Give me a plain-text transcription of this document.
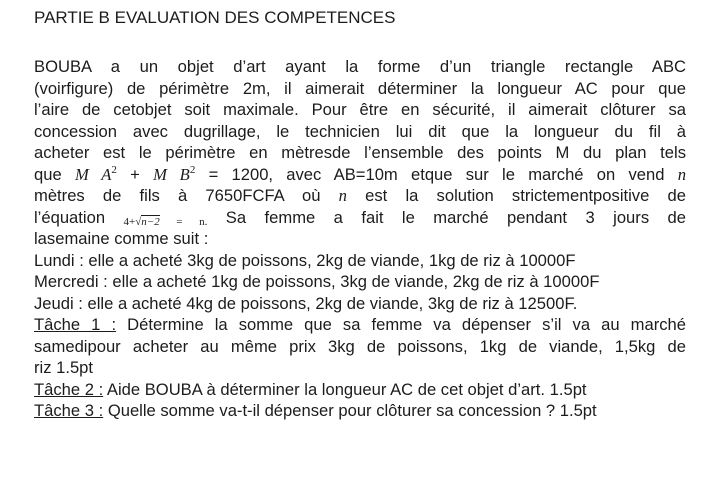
PARTIE B EVALUATION DES COMPETENCES
BOUBA a un objet d’art ayant la forme d’un triangle rectangle ABC
(voirfigure) de périmètre 2m, il aimerait déterminer la longueur AC pour que
l’aire de cetobjet soit maximale. Pour être en sécurité, il aimerait clôturer sa
concession avec dugrillage, le technicien lui dit que la longueur du fil à
acheter est le périmètre en mètresde l’ensemble des points M du plan tels
que M $A^2 + M$ $B^2 = 1200$, avec AB=10m etque sur le marché on vend n
mètres de fils à 7650FCFA où n est la solution strictementpositive de
l’équation 4+√n−2 = n. Sa femme a fait le marché pendant 3 jours de
lasemaine comme suit :
Lundi : elle a acheté 3kg de poissons, 2kg de viande, 1kg de riz à 10000F
Mercredi : elle a acheté 1kg de poissons, 3kg de viande, 2kg de riz à 10000F
Jeudi : elle a acheté 4kg de poissons, 2kg de viande, 3kg de riz à 12500F.
Tâche 1 : Détermine la somme que sa femme va dépenser s’il va au marché
samedipour acheter au même prix 3kg de poissons, 1kg de viande, 1,5kg de
riz 1.5pt
Tâche 2 : Aide BOUBA à déterminer la longueur AC de cet objet d’art. 1.5pt
Tâche 3 : Quelle somme va-t-il dépenser pour clôturer sa concession ? 1.5pt
